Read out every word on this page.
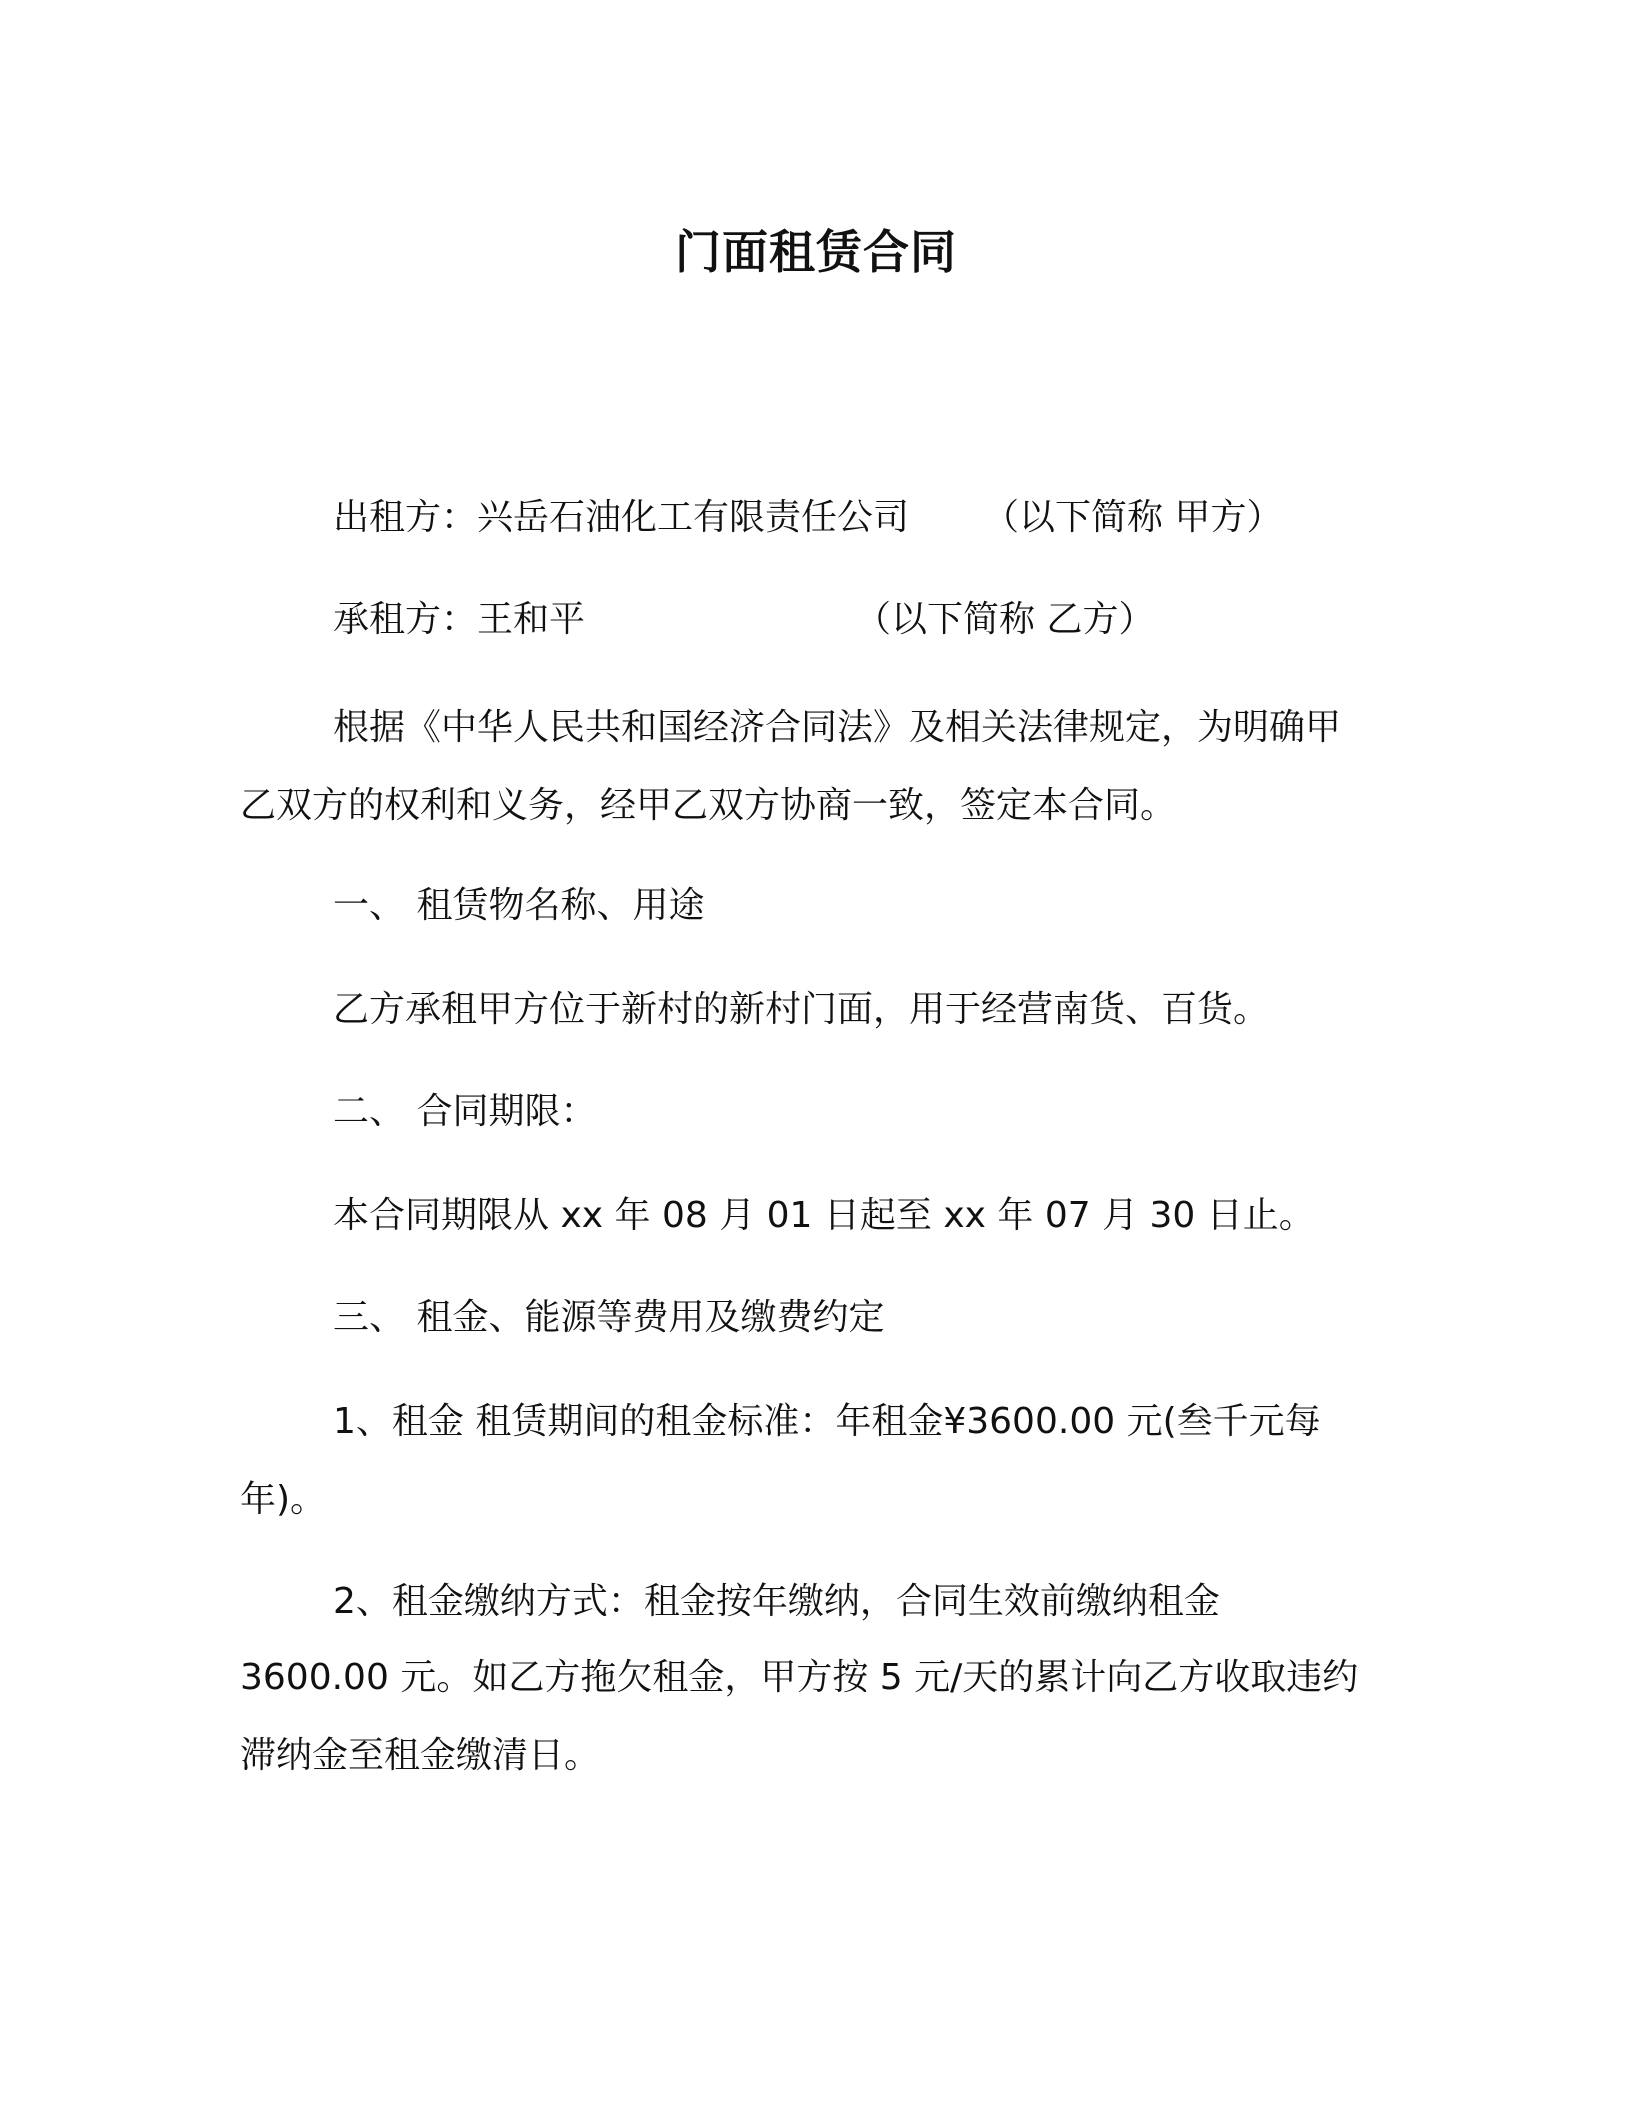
门面租赁合同
出租方：兴岳石油化工有限责任公司 （以下简称 甲方）
承租方：王和平	（以下简称 乙方）
根据《中华人民共和国经济合同法》及相关法律规定，为明确甲
乙双方的权利和义务，经甲乙双方协商一致，签定本合同。
一、 租赁物名称、用途
乙方承租甲方位于新村的新村门面，用于经营南货、百货。
二、 合同期限：
本合同期限从 xx 年 08 月 01 日起至 xx 年 07 月 30 日止。
三、 租金、能源等费用及缴费约定
1、租金 租赁期间的租金标准：年租金¥3600.00 元(叁千元每
年)。
2、租金缴纳方式：租金按年缴纳，合同生效前缴纳租金
3600.00 元。如乙方拖欠租金，甲方按 5 元/天的累计向乙方收取违约
滞纳金至租金缴清日。
